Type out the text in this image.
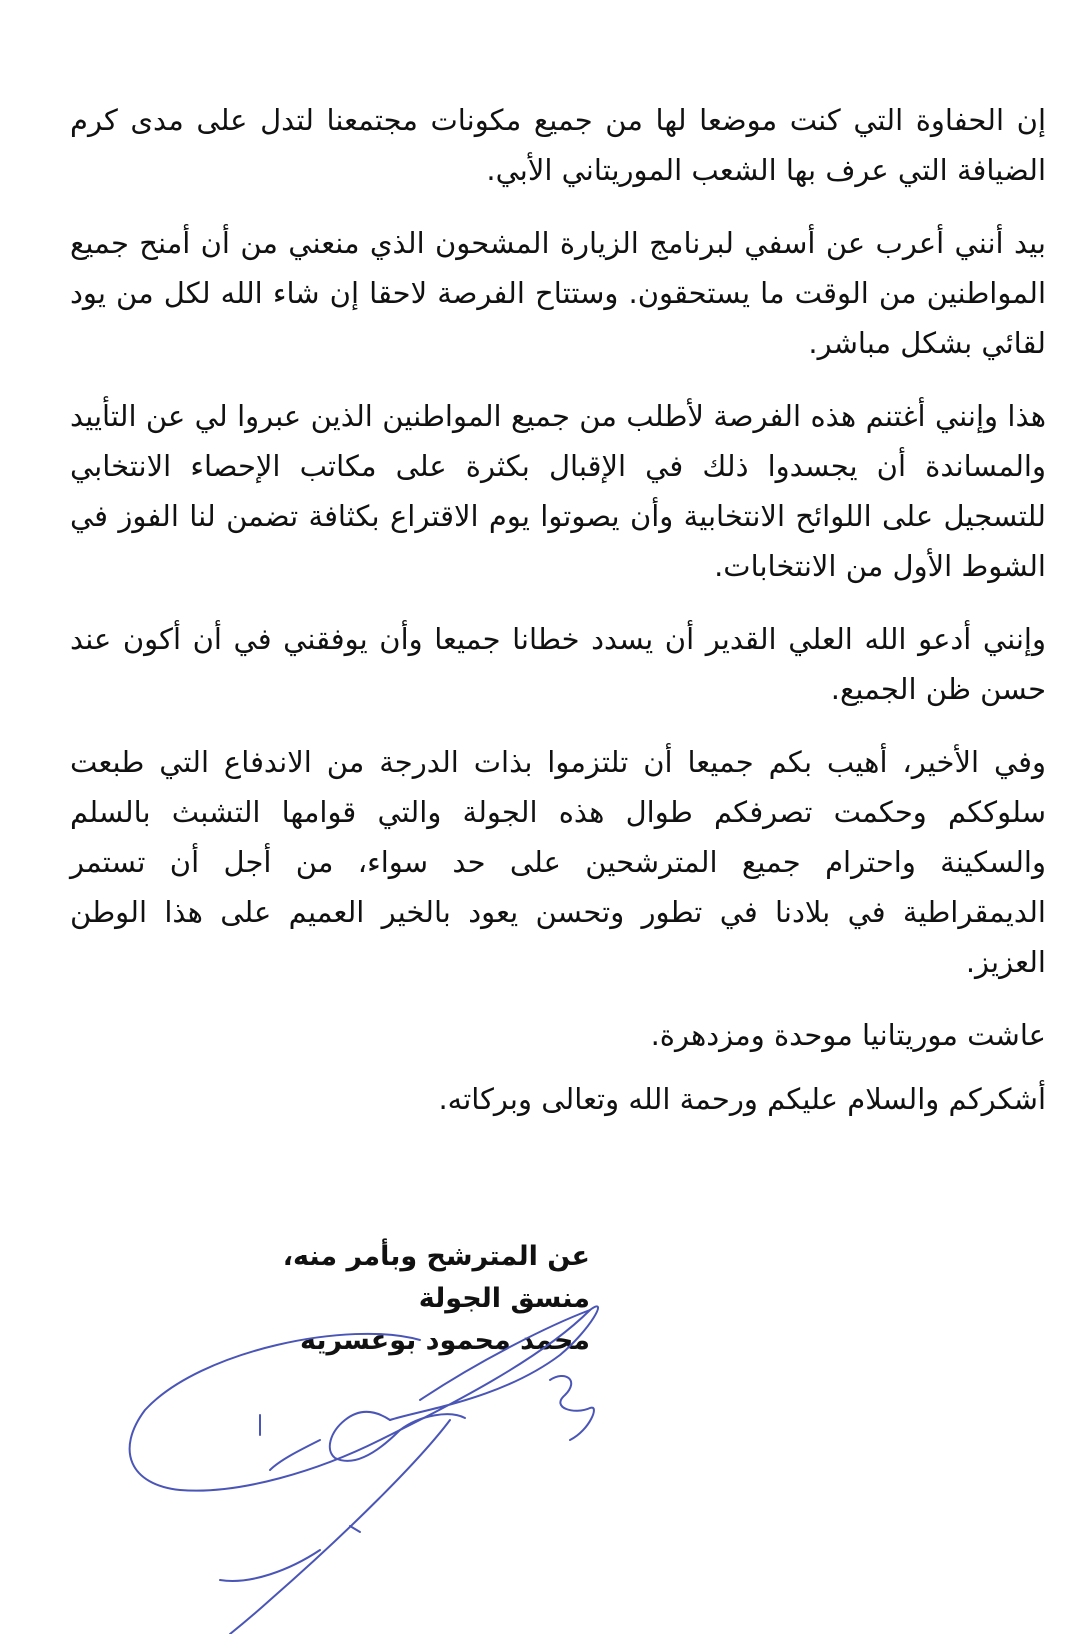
إن الحفاوة التي كنت موضعا لها من جميع مكونات مجتمعنا لتدل على مدى كرم الضيافة التي عرف بها الشعب الموريتاني الأبي.

بيد أنني أعرب عن أسفي لبرنامج الزيارة المشحون الذي منعني من أن أمنح جميع المواطنين من الوقت ما يستحقون. وستتاح الفرصة لاحقا إن شاء الله لكل من يود لقائي بشكل مباشر.

هذا وإنني أغتنم هذه الفرصة لأطلب من جميع المواطنين الذين عبروا لي عن التأييد والمساندة أن يجسدوا ذلك في الإقبال بكثرة على مكاتب الإحصاء الانتخابي للتسجيل على اللوائح الانتخابية وأن يصوتوا يوم الاقتراع بكثافة تضمن لنا الفوز في الشوط الأول من الانتخابات.

وإنني أدعو الله العلي القدير أن يسدد خطانا جميعا وأن يوفقني في أن أكون عند حسن ظن الجميع.

وفي الأخير، أهيب بكم جميعا أن تلتزموا بذات الدرجة من الاندفاع التي طبعت سلوككم وحكمت تصرفكم طوال هذه الجولة والتي قوامها التشبث بالسلم والسكينة واحترام جميع المترشحين على حد سواء، من أجل أن تستمر الديمقراطية في بلادنا في تطور وتحسن يعود بالخير العميم على هذا الوطن العزيز.

عاشت موريتانيا موحدة ومزدهرة.

أشكركم والسلام عليكم ورحمة الله وتعالى وبركاته.

عن المترشح وبأمر منه،
منسق الجولة
محمد محمود بوعسريه
